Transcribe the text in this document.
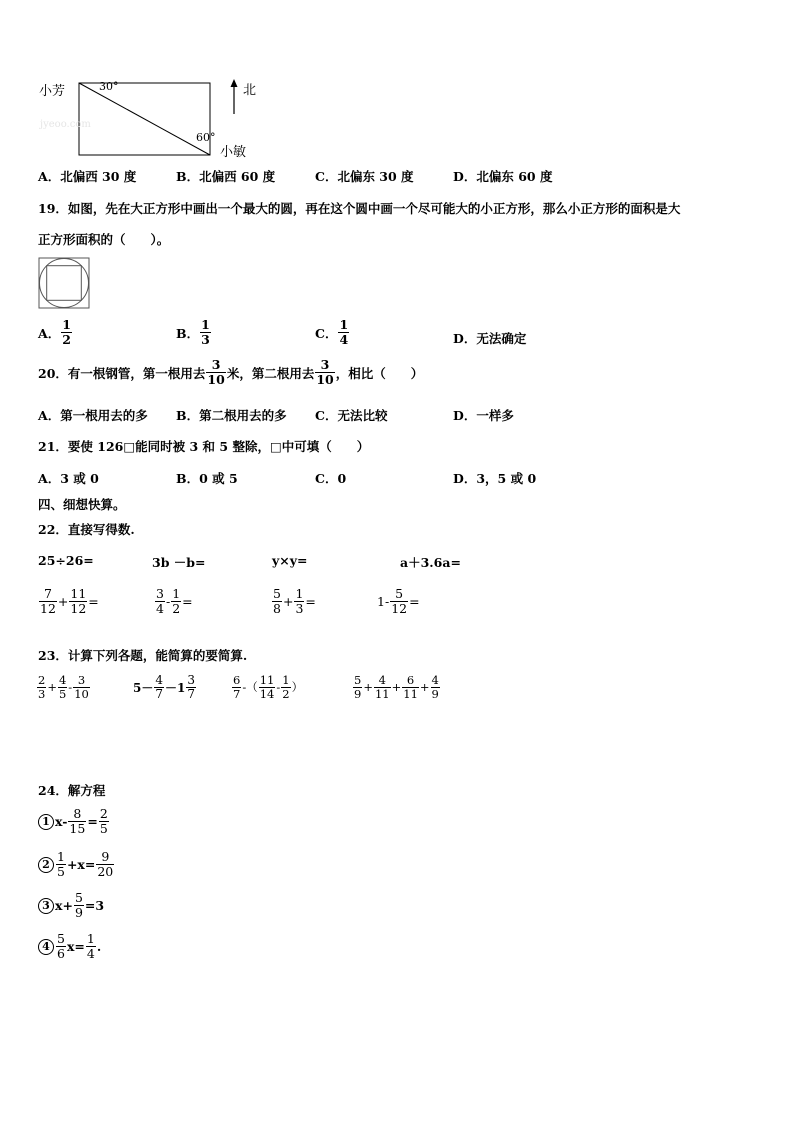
小芳	30°
jyeoo.com
60°
小敏
北
A．北偏西 30 度	B．北偏西 60 度	C．北偏东 30 度	D．北偏东 60 度
19．如图，先在大正方形中画出一个最大的圆，再在这个圆中画一个尽可能大的小正方形，那么小正方形的面积是大
正方形面积的（　　）。
A． $\frac{1}{2}$	B． $\frac{1}{3}$	C． $\frac{1}{4}$	D．无法确定
20．有一根钢管，第一根用去 $\frac{3}{10}$ 米，第二根用去 $\frac{3}{10}$ ，相比（　　）
A．第一根用去的多 B．第二根用去的多 C．无法比较	D．一样多
21．要使 126□能同时被 3 和 5 整除，□中可填（　　）
A．3 或 0	B．0 或 5	C．0	D．3，5 或 0
四、细想快算。
22．直接写得数.
25÷26=	3b －b=	y×y=	a＋3.6a=
$\frac{7}{12} + \frac{11}{12}$ =	$\frac{3}{4} - \frac{1}{2}$ =	$\frac{5}{8} + \frac{1}{3}$ =	$1- \frac{5}{12}$ =
23．计算下列各题，能简算的要简算.
$\frac{2}{3} + \frac{4}{5} - \frac{3}{10}$	$5- \frac{4}{7} -1 \frac{3}{7}$	$\frac{6}{7}$ -（ $\frac{11}{14} - \frac{1}{2}$ ）	$\frac{5}{9} + \frac{4}{11} + \frac{6}{11} + \frac{4}{9}$
24．解方程
1 $x- \frac{8}{15} = \frac{2}{5}$
$2 \frac{1}{5} +x= \frac{9}{20}$
3 $x+ \frac{5}{9} =3$
$4 \frac{5}{6} x= \frac{1}{4}$ .
